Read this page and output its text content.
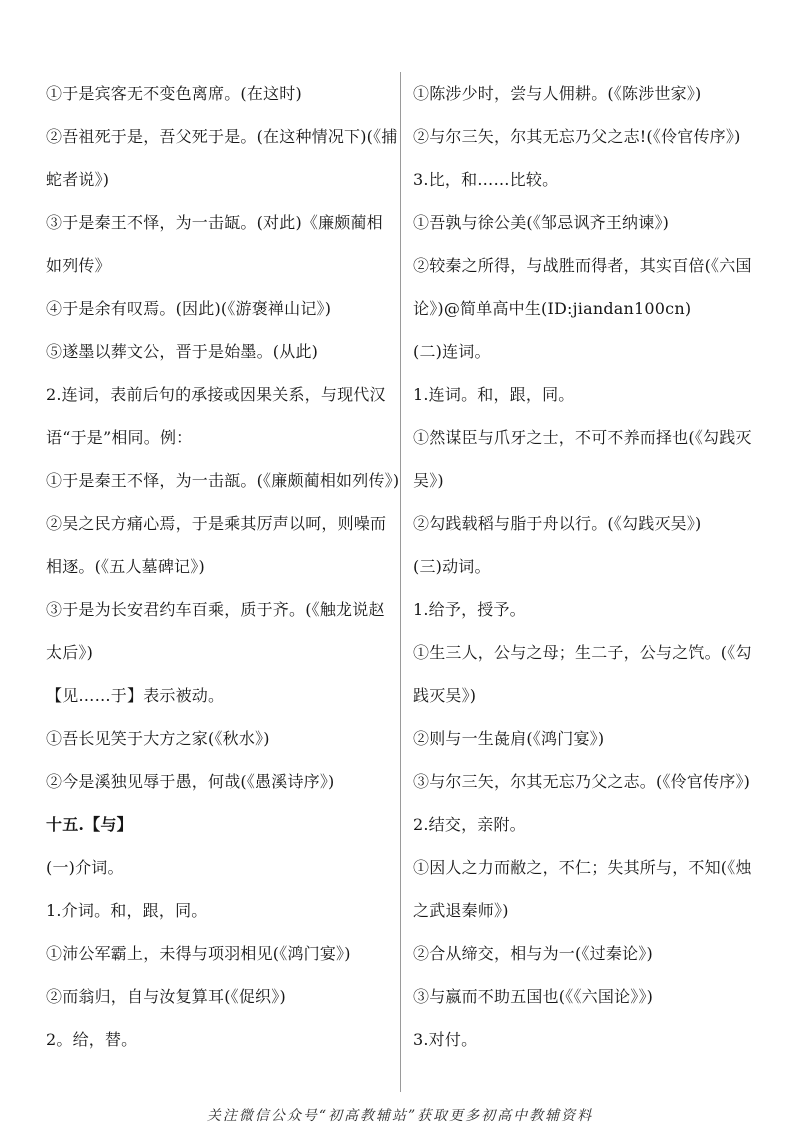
①于是宾客无不变色离席。(在这时)
②吾祖死于是，吾父死于是。(在这种情况下)(《捕
蛇者说》)
③于是秦王不怿，为一击缻。(对此)《廉颇蔺相
如列传》
④于是余有叹焉。(因此)(《游褒禅山记》)
⑤遂墨以葬文公，晋于是始墨。(从此)
2.连词，表前后句的承接或因果关系，与现代汉
语“于是”相同。例：
①于是秦王不怿，为一击瓿。(《廉颇蔺相如列传》)
②吴之民方痛心焉，于是乘其厉声以呵，则噪而
相逐。(《五人墓碑记》)
③于是为长安君约车百乘，质于齐。(《触龙说赵
太后》)
【见……于】表示被动。
①吾长见笑于大方之家(《秋水》)
②今是溪独见辱于愚，何哉(《愚溪诗序》)
十五.【与】
(一)介词。
1.介词。和，跟，同。
①沛公军霸上，未得与项羽相见(《鸿门宴》)
②而翁归，自与汝复算耳(《促织》)
2。给，替。
①陈涉少时，尝与人佣耕。(《陈涉世家》)
②与尔三矢，尔其无忘乃父之志!(《伶官传序》)
3.比，和……比较。
①吾孰与徐公美(《邹忌讽齐王纳谏》)
②较秦之所得，与战胜而得者，其实百倍(《六国
论》)@简单高中生(ID:jiandan100cn)
(二)连词。
1.连词。和，跟，同。
①然谋臣与爪牙之士，不可不养而择也(《勾践灭
吴》)
②勾践载稻与脂于舟以行。(《勾践灭吴》)
(三)动词。
1.给予，授予。
①生三人，公与之母；生二子，公与之饩。(《勾
践灭吴》)
②则与一生彘肩(《鸿门宴》)
③与尔三矢，尔其无忘乃父之志。(《伶官传序》)
2.结交，亲附。
①因人之力而敝之，不仁；失其所与，不知(《烛
之武退秦师》)
②合从缔交，相与为一(《过秦论》)
③与嬴而不助五国也(《《六国论》》)
3.对付。
关注微信公众号“初高教辅站”获取更多初高中教辅资料
